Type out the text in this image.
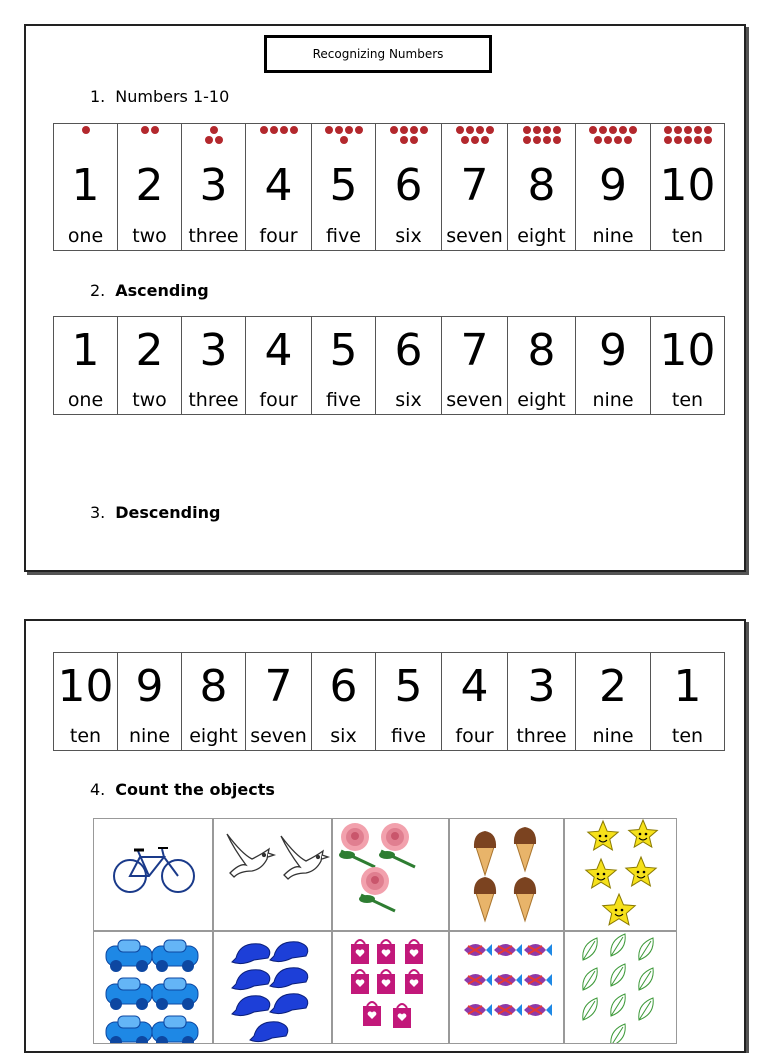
Recognizing Numbers
1. Numbers 1-10
1
one

2
two

3
three

4
four

5
five

6
six

7
seven

8
eight

9
nine

10
ten
2. Ascending
1
one

2
two

3
three

4
four

5
five

6
six

7
seven

8
eight

9
nine

10
ten
3. Descending
10
ten

9
nine

8
eight

7
seven

6
six

5
five

4
four

3
three

2
nine

1
ten
4. Count the objects
